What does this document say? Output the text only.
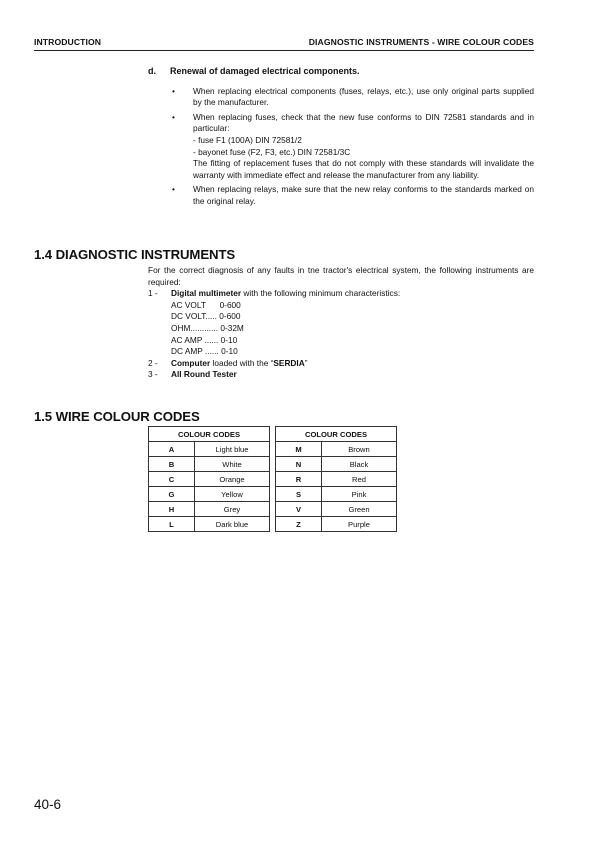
INTRODUCTION	DIAGNOSTIC INSTRUMENTS - WIRE COLOUR CODES
d. Renewal of damaged electrical components.
• When replacing electrical components (fuses, relays, etc.), use only original parts supplied by the manufacturer.
• When replacing fuses, check that the new fuse conforms to DIN 72581 standards and in particular:
- fuse F1 (100A) DIN 72581/2
- bayonet fuse (F2, F3, etc.) DIN 72581/3C
The fitting of replacement fuses that do not comply with these standards will invalidate the warranty with immediate effect and release the manufacturer from any liability.
• When replacing relays, make sure that the new relay conforms to the standards marked on the original relay.
1.4 DIAGNOSTIC INSTRUMENTS
For the correct diagnosis of any faults in tne tractor's electrical system, the following instruments are required:
1 - Digital multimeter with the following minimum characteristics:
AC VOLT      0-600
DC VOLT..... 0-600
OHM............ 0-32M
AC AMP ...... 0-10
DC AMP ...... 0-10
2 - Computer loaded with the “SERDIA”
3 - All Round Tester
1.5 WIRE COLOUR CODES
COLOUR CODES	
A	Light blue
B	White
C	Orange
G	Yellow
H	Grey
L	Dark blue
COLOUR CODES	
M	Brown
N	Black
R	Red
S	Pink
V	Green
Z	Purple
40-6
